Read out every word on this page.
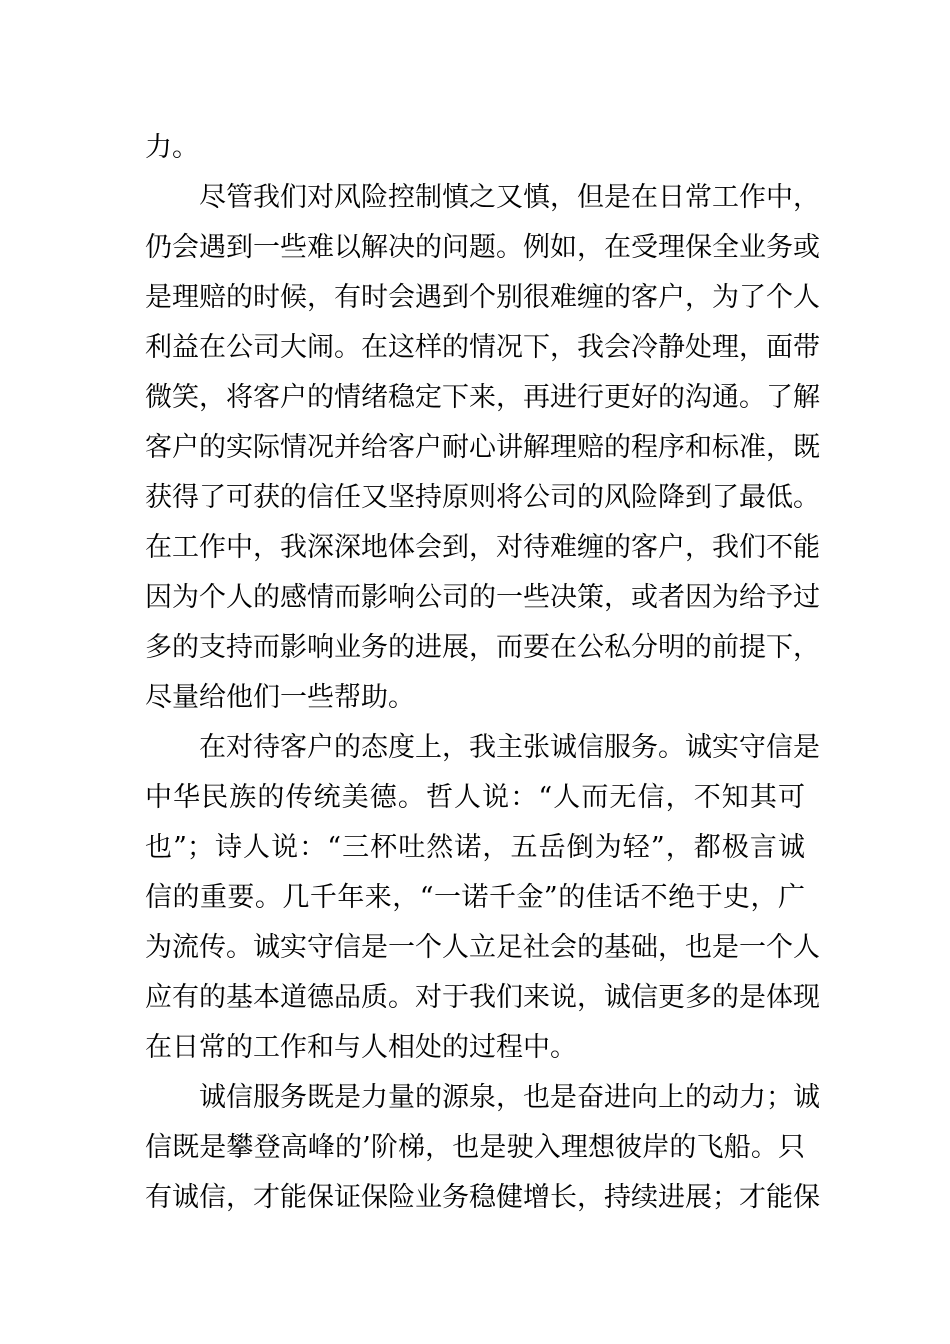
力。
尽管我们对风险控制慎之又慎，但是在日常工作中，
仍会遇到一些难以解决的问题。例如，在受理保全业务或
是理赔的时候，有时会遇到个别很难缠的客户，为了个人
利益在公司大闹。在这样的情况下，我会冷静处理，面带
微笑，将客户的情绪稳定下来，再进行更好的沟通。了解
客户的实际情况并给客户耐心讲解理赔的程序和标准，既
获得了可获的信任又坚持原则将公司的风险降到了最低。
在工作中，我深深地体会到，对待难缠的客户，我们不能
因为个人的感情而影响公司的一些决策，或者因为给予过
多的支持而影响业务的进展，而要在公私分明的前提下，
尽量给他们一些帮助。
在对待客户的态度上，我主张诚信服务。诚实守信是
中华民族的传统美德。哲人说：“人而无信，不知其可
也”；诗人说：“三杯吐然诺，五岳倒为轻”，都极言诚
信的重要。几千年来，“一诺千金”的佳话不绝于史，广
为流传。诚实守信是一个人立足社会的基础，也是一个人
应有的基本道德品质。对于我们来说，诚信更多的是体现
在日常的工作和与人相处的过程中。
诚信服务既是力量的源泉，也是奋进向上的动力；诚
信既是攀登高峰的’阶梯，也是驶入理想彼岸的飞船。只
有诚信，才能保证保险业务稳健增长，持续进展；才能保
